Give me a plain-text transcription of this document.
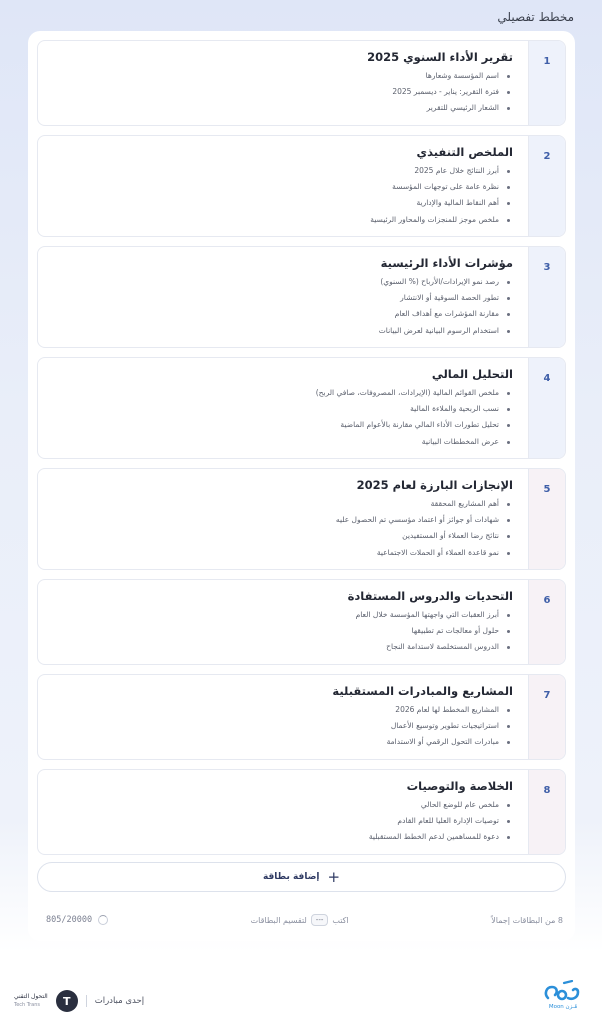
مخطط تفصيلي
1
تقرير الأداء السنوي 2025
اسم المؤسسة وشعارها
فترة التقرير: يناير - ديسمبر 2025
الشعار الرئيسي للتقرير
2
الملخص التنفيذي
أبرز النتائج خلال عام 2025
نظرة عامة على توجهات المؤسسة
أهم النقاط المالية والإدارية
ملخص موجز للمنجزات والمحاور الرئيسية
3
مؤشرات الأداء الرئيسية
رصد نمو الإيرادات/الأرباح (% السنوي)
تطور الحصة السوقية أو الانتشار
مقارنة المؤشرات مع أهداف العام
استخدام الرسوم البيانية لعرض البيانات
4
التحليل المالي
ملخص القوائم المالية (الإيرادات، المصروفات، صافي الربح)
نسب الربحية والملاءة المالية
تحليل تطورات الأداء المالي مقارنة بالأعوام الماضية
عرض المخططات البيانية
5
الإنجازات البارزة لعام 2025
أهم المشاريع المحققة
شهادات أو جوائز أو اعتماد مؤسسي تم الحصول عليه
نتائج رضا العملاء أو المستفيدين
نمو قاعدة العملاء أو الحملات الاجتماعية
6
التحديات والدروس المستفادة
أبرز العقبات التي واجهتها المؤسسة خلال العام
حلول أو معالجات تم تطبيقها
الدروس المستخلصة لاستدامة النجاح
7
المشاريع والمبادرات المستقبلية
المشاريع المخطط لها لعام 2026
استراتيجيات تطوير وتوسيع الأعمال
مبادرات التحول الرقمي أو الاستدامة
8
الخلاصة والتوصيات
ملخص عام للوضع الحالي
توصيات الإدارة العليا للعام القادم
دعوة للمساهمين لدعم الخطط المستقبلية
+
إضافة بطاقة
8 من البطاقات إجمالاً
اكتب
---
لتقسيم البطاقات
805/20000
Moon مُـزن
التحول التقني
Tech Trans	T	إحدى مبادرات
